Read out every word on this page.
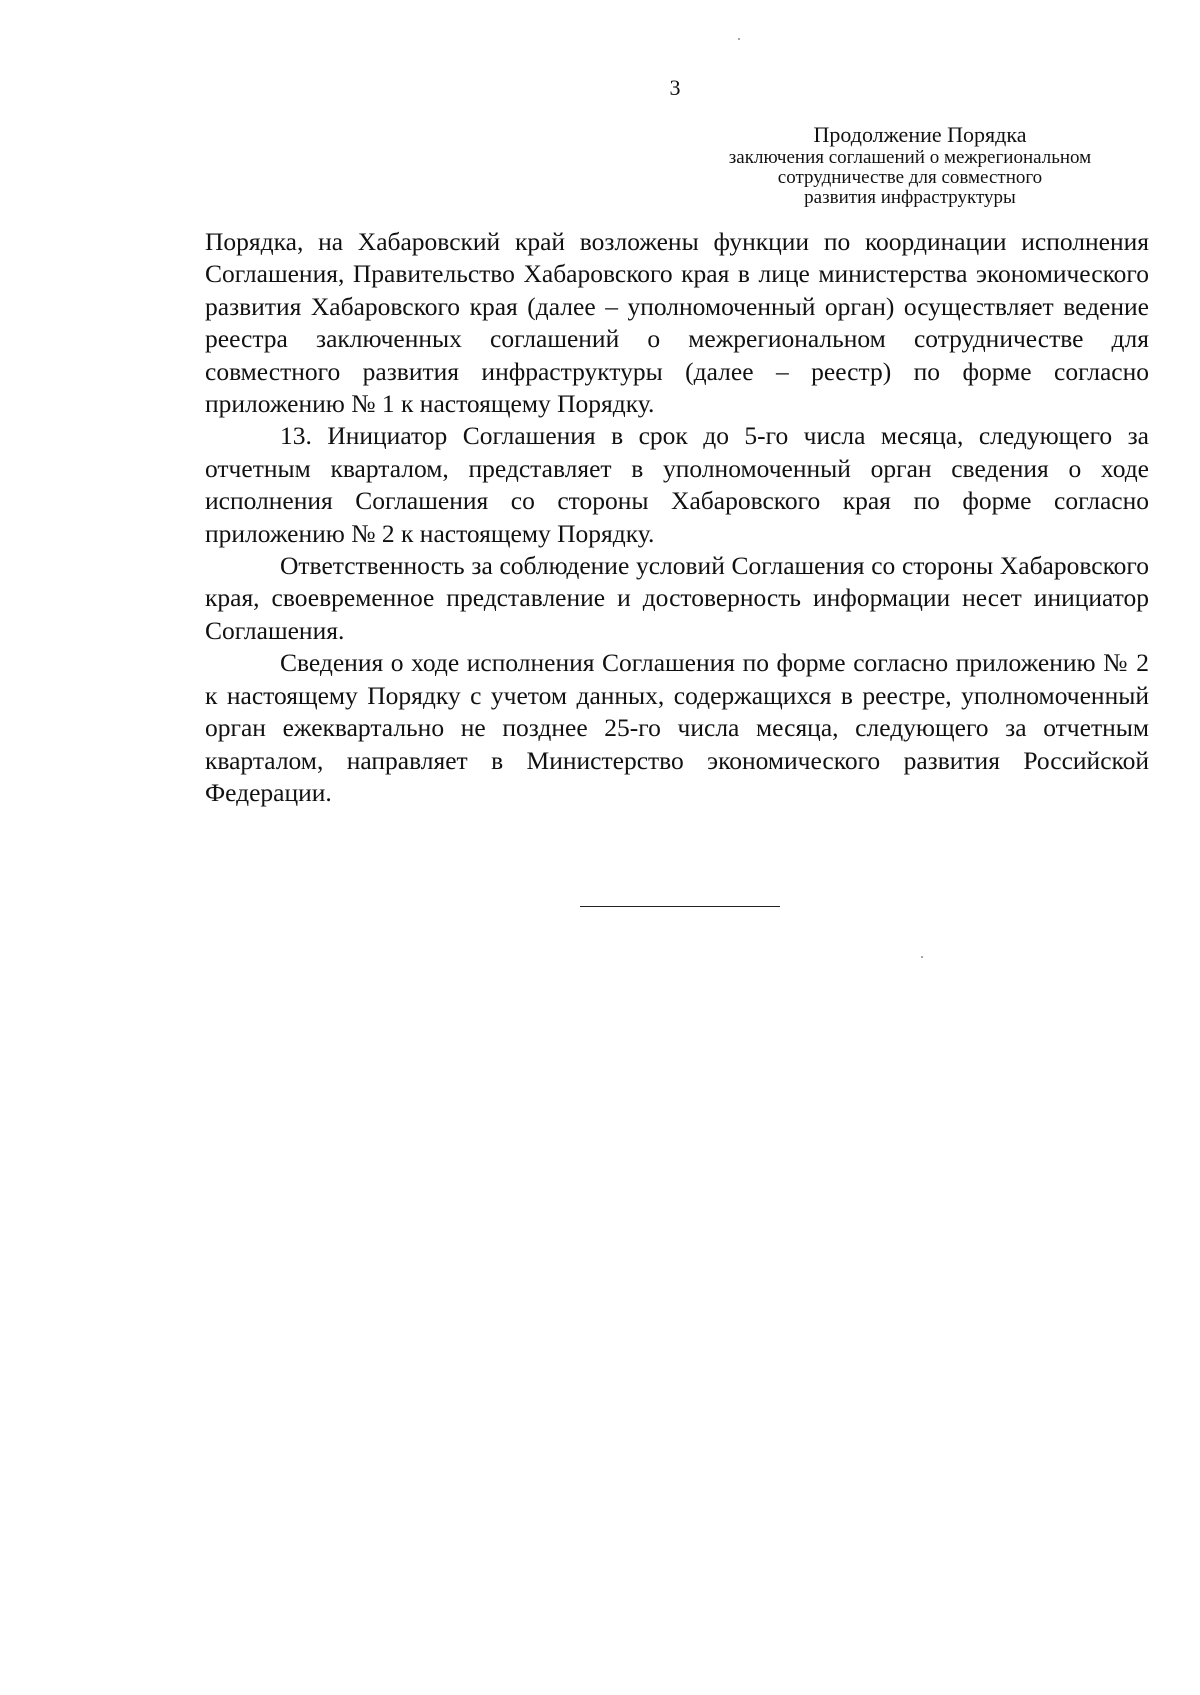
3
Продолжение Порядка
заключения соглашений о межрегиональном
сотрудничестве для совместного
развития инфраструктуры

Порядка, на Хабаровский край возложены функции по координации исполнения Соглашения, Правительство Хабаровского края в лице министерства экономического развития Хабаровского края (далее – уполномоченный орган) осуществляет ведение реестра заключенных соглашений о межрегиональном сотрудничестве для совместного развития инфраструктуры (далее – реестр) по форме согласно приложению № 1 к настоящему Порядку.

13. Инициатор Соглашения в срок до 5-го числа месяца, следующего за отчетным кварталом, представляет в уполномоченный орган сведения о ходе исполнения Соглашения со стороны Хабаровского края по форме согласно приложению № 2 к настоящему Порядку.

Ответственность за соблюдение условий Соглашения со стороны Хабаровского края, своевременное представление и достоверность информации несет инициатор Соглашения.

Сведения о ходе исполнения Соглашения по форме согласно приложению № 2 к настоящему Порядку с учетом данных, содержащихся в реестре, уполномоченный орган ежеквартально не позднее 25-го числа месяца, следующего за отчетным кварталом, направляет в Министерство экономического развития Российской Федерации.
